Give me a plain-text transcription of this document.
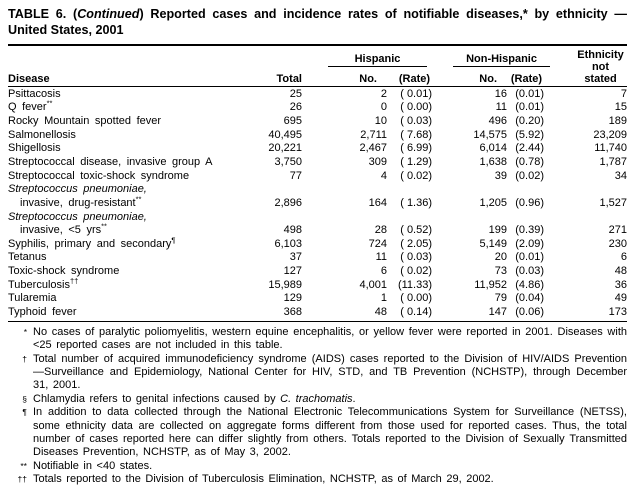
TABLE 6. (Continued) Reported cases and incidence rates of notifiable diseases,* by ethnicity —
United States, 2001

		Hispanic		Non-Hispanic		Ethnicity
not
stated

Disease	Total	No.	(Rate)	No.	(Rate)	
Psittacosis	25	2	( 0.01)	16	(0.01)	7
Q fever**	26	0	( 0.00)	11	(0.01)	15
Rocky Mountain spotted fever	695	10	( 0.03)	496	(0.20)	189
Salmonellosis	40,495	2,711	( 7.68)	14,575	(5.92)	23,209
Shigellosis	20,221	2,467	( 6.99)	6,014	(2.44)	11,740
Streptococcal disease, invasive group A	3,750	309	( 1.29)	1,638	(0.78)	1,787
Streptococcal toxic-shock syndrome	77	4	( 0.02)	39	(0.02)	34
Streptococcus pneumoniae,						
invasive, drug-resistant**	2,896	164	( 1.36)	1,205	(0.96)	1,527
Streptococcus pneumoniae,						
invasive, <5 yrs**	498	28	( 0.52)	199	(0.39)	271
Syphilis, primary and secondary¶	6,103	724	( 2.05)	5,149	(2.09)	230
Tetanus	37	11	( 0.03)	20	(0.01)	6
Toxic-shock syndrome	127	6	( 0.02)	73	(0.03)	48
Tuberculosis††	15,989	4,001	(11.33)	11,952	(4.86)	36
Tularemia	129	1	( 0.00)	79	(0.04)	49
Typhoid fever	368	48	( 0.14)	147	(0.06)	173
* No cases of paralytic poliomyelitis, western equine encephalitis, or yellow fever were reported in 2001. Diseases with <25 reported cases are not included in this table.
† Total number of acquired immunodeficiency syndrome (AIDS) cases reported to the Division of HIV/AIDS Prevention—Surveillance and Epidemiology, National Center for HIV, STD, and TB Prevention (NCHSTP), through December 31, 2001.
§ Chlamydia refers to genital infections caused by C. trachomatis.
¶ In addition to data collected through the National Electronic Telecommunications System for Surveillance (NETSS), some ethnicity data are collected on aggregate forms different from those used for reported cases. Thus, the total number of cases reported here can differ slightly from others. Totals reported to the Division of Sexually Transmitted Diseases Prevention, NCHSTP, as of May 3, 2002.
** Notifiable in <40 states.
†† Totals reported to the Division of Tuberculosis Elimination, NCHSTP, as of March 29, 2002.
